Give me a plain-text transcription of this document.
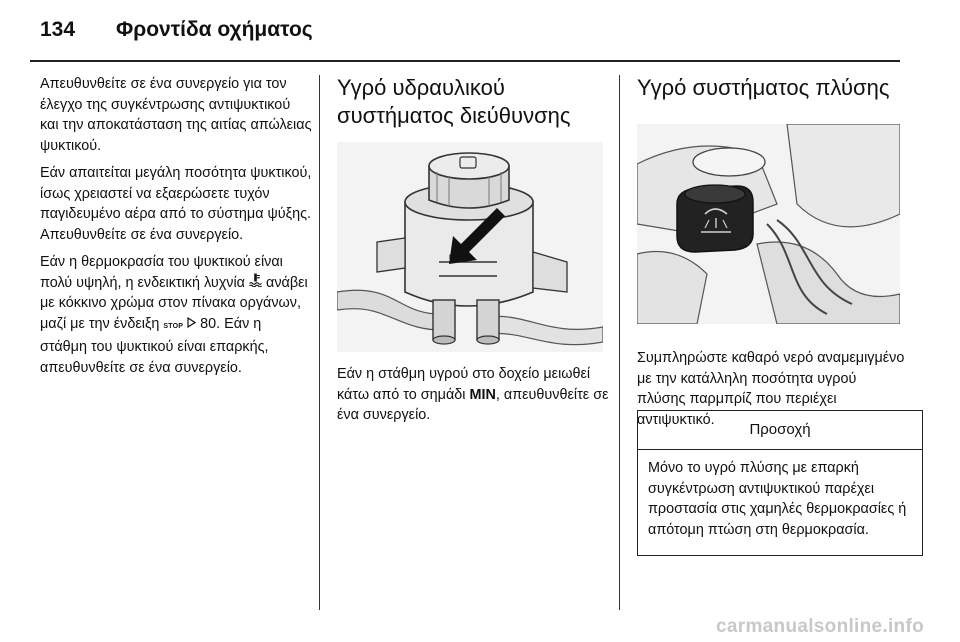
134 Φροντίδα οχήματος

Απευθυνθείτε σε ένα συνεργείο για τον έλεγχο της συγκέντρωσης αντιψυκτικού και την αποκατάσταση της αιτίας απώλειας ψυκτικού.

Εάν απαιτείται μεγάλη ποσότητα ψυκτικού, ίσως χρειαστεί να εξαερώσετε τυχόν παγιδευμένο αέρα από το σύστημα ψύξης. Απευθυνθείτε σε ένα συνεργείο.

Εάν η θερμοκρασία του ψυκτικού είναι πολύ υψηλή, η ενδεικτική λυχνία ανάβει με κόκκινο χρώμα στον πίνακα οργάνων, μαζί με την ένδειξη STOP 80. Εάν η στάθμη του ψυκτικού είναι επαρκής, απευθυνθείτε σε ένα συνεργείο.

Υγρό υδραυλικού συστήματος διεύθυνσης

Εάν η στάθμη υγρού στο δοχείο μειωθεί κάτω από το σημάδι MIN, απευθυνθείτε σε ένα συνεργείο.

Υγρό συστήματος πλύσης

Συμπληρώστε καθαρό νερό αναμεμιγμένο με την κατάλληλη ποσότητα υγρού πλύσης παρμπρίζ που περιέχει αντιψυκτικό.

Προσοχή
Μόνο το υγρό πλύσης με επαρκή συγκέντρωση αντιψυκτικού παρέχει προστασία στις χαμηλές θερμοκρασίες ή απότομη πτώση στη θερμοκρασία.
carmanualsonline.info
